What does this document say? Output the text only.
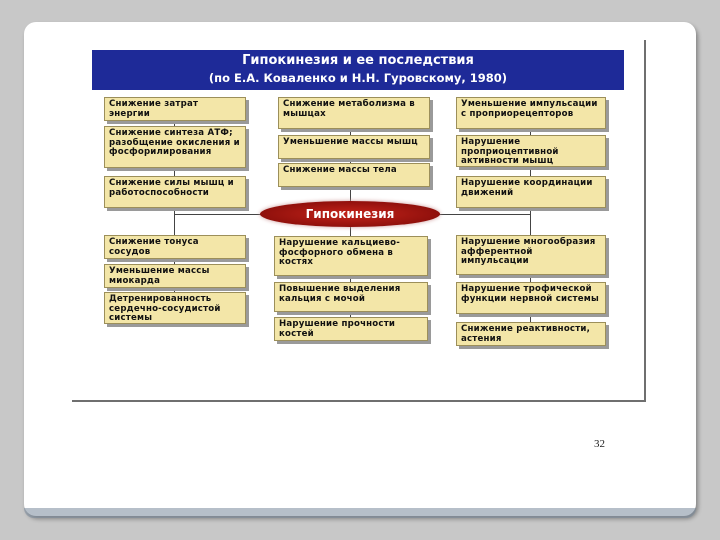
Гипокинезия и ее последствия
(по Е.А. Коваленко и Н.Н. Гуровскому, 1980)
Снижение затрат энергии
Снижение синтеза АТФ; разобщение окисления и фосфорилирования
Снижение силы мышц и работоспособности
Снижение тонуса сосудов
Уменьшение массы миокарда
Детренированность сердечно-сосудистой системы
Снижение метаболизма в мышцах
Уменьшение массы мышц
Снижение массы тела
Нарушение кальциево-фосфорного обмена в костях
Повышение выделения кальция с мочой
Нарушение прочности костей
Уменьшение импульсации с проприорецепторов
Нарушение проприоцептивной активности мышц
Нарушение координации движений
Нарушение многообразия афферентной импульсации
Нарушение трофической функции нервной системы
Снижение реактивности, астения
Гипокинезия
32
